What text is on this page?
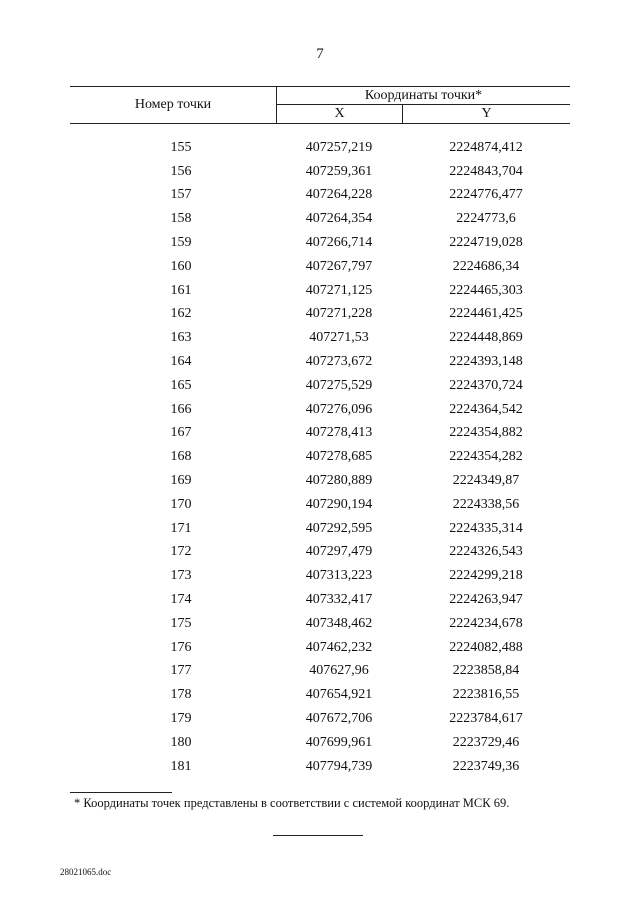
7
Номер точки
Координаты точки*
X	Y
155	407257,219	2224874,412
156	407259,361	2224843,704
157	407264,228	2224776,477
158	407264,354	2224773,6
159	407266,714	2224719,028
160	407267,797	2224686,34
161	407271,125	2224465,303
162	407271,228	2224461,425
163	407271,53	2224448,869
164	407273,672	2224393,148
165	407275,529	2224370,724
166	407276,096	2224364,542
167	407278,413	2224354,882
168	407278,685	2224354,282
169	407280,889	2224349,87
170	407290,194	2224338,56
171	407292,595	2224335,314
172	407297,479	2224326,543
173	407313,223	2224299,218
174	407332,417	2224263,947
175	407348,462	2224234,678
176	407462,232	2224082,488
177	407627,96	2223858,84
178	407654,921	2223816,55
179	407672,706	2223784,617
180	407699,961	2223729,46
181	407794,739	2223749,36
* Координаты точек представлены в соответствии с системой координат МСК 69.
28021065.doc
